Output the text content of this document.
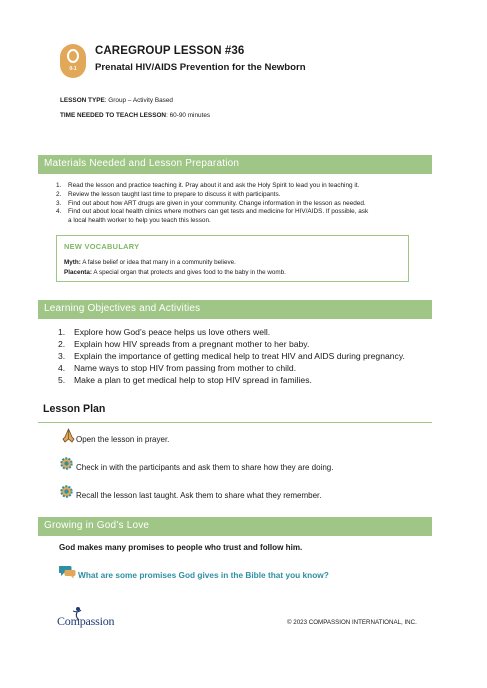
0-1
CAREGROUP LESSON #36
Prenatal HIV/AIDS Prevention for the Newborn
LESSON TYPE: Group – Activity Based
TIME NEEDED TO TEACH LESSON: 60-90 minutes
Materials Needed and Lesson Preparation
1. Read the lesson and practice teaching it. Pray about it and ask the Holy Spirit to lead you in teaching it.
2. Review the lesson taught last time to prepare to discuss it with participants.
3. Find out about how ART drugs are given in your community. Change information in the lesson as needed.
4. Find out about local health clinics where mothers can get tests and medicine for HIV/AIDS. If possible, ask
a local health worker to help you teach this lesson.
NEW VOCABULARY
Myth: A false belief or idea that many in a community believe.
Placenta: A special organ that protects and gives food to the baby in the womb.
Learning Objectives and Activities
1. Explore how God’s peace helps us love others well.
2. Explain how HIV spreads from a pregnant mother to her baby.
3. Explain the importance of getting medical help to treat HIV and AIDS during pregnancy.
4. Name ways to stop HIV from passing from mother to child.
5. Make a plan to get medical help to stop HIV spread in families.
Lesson Plan
Open the lesson in prayer.
Check in with the participants and ask them to share how they are doing.
Recall the lesson last taught. Ask them to share what they remember.
Growing in God’s Love
God makes many promises to people who trust and follow him.
What are some promises God gives in the Bible that you know?
Compassion	© 2023 COMPASSION INTERNATIONAL, INC.
